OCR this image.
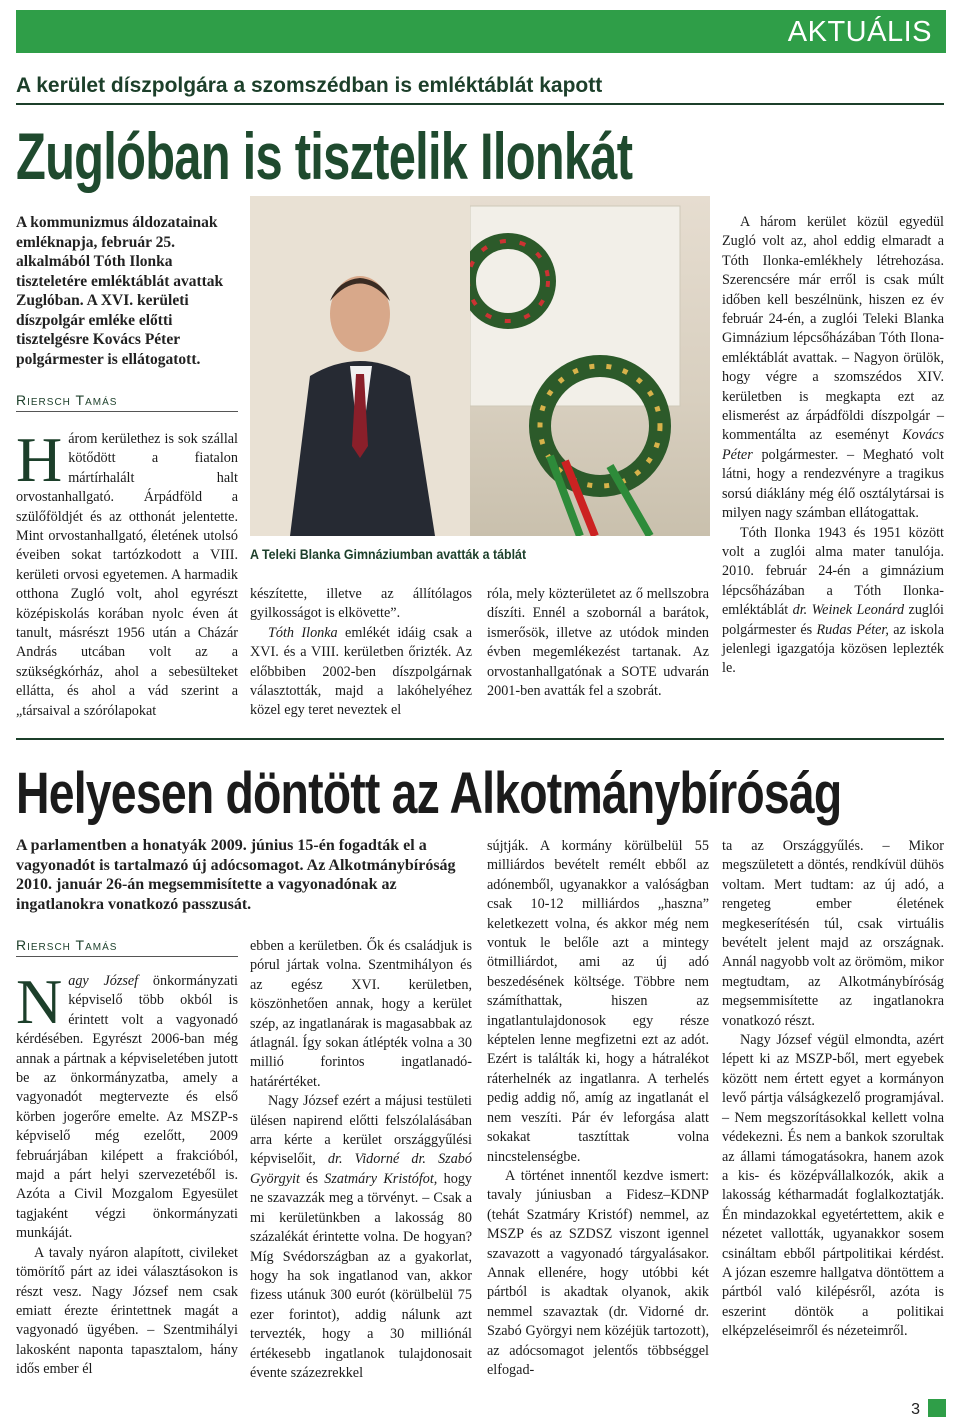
AKTUÁLIS
A kerület díszpolgára a szomszédban is emléktáblát kapott
Zuglóban is tisztelik Ilonkát
A kommunizmus áldozatainak emléknapja, február 25. alkalmából Tóth Ilonka tiszteletére emléktáblát avattak Zuglóban. A XVI. kerületi díszpolgár emléke előtti tisztelgésre Kovács Péter polgármester is ellátogatott.
Riersch Tamás

Három kerülethez is sok szállal kötődött a fiatalon mártírhalált halt orvostanhallgató. Árpádföld a szülőföldjét és az otthonát jelentette. Mint orvostanhallgató, életének utolsó éveiben sokat tartózkodott a VIII. kerületi orvosi egyetemen. A harmadik otthona Zugló volt, ahol egyrészt középiskolás korában nyolc éven át tanult, másrészt 1956 után a Cházár András utcában volt az a szükségkórház, ahol a sebesülteket ellátta, és ahol a vád szerint a „társaival a szórólapokat

A Teleki Blanka Gimnáziumban avatták a táblát

készítette, illetve az állítólagos gyilkosságot is elkövette”.

Tóth Ilonka emlékét idáig csak a XVI. és a VIII. kerületben őrizték. Az előbbiben 2002-ben díszpolgárnak választották, majd a lakóhelyéhez közel egy teret neveztek el

róla, mely közterületet az ő mellszobra díszíti. Ennél a szobornál a barátok, ismerősök, illetve az utódok minden évben megemlékezést tartanak. Az orvostanhallgatónak a SOTE udvarán 2001-ben avatták fel a szobrát.

A három kerület közül egyedül Zugló volt az, ahol eddig elmaradt a Tóth Ilonka-emlékhely létrehozása. Szerencsére már erről is csak múlt időben kell beszélnünk, hiszen ez év február 24-én, a zuglói Teleki Blanka Gimnázium lépcsőházában Tóth Ilona-emléktáblát avattak. – Nagyon örülök, hogy végre a szomszédos XIV. kerületben is megkapta ezt az elismerést az árpádföldi díszpolgár – kommentálta az eseményt Kovács Péter polgármester. – Megható volt látni, hogy a rendezvényre a tragikus sorsú diáklány még élő osztálytársai is milyen nagy számban ellátogattak.

Tóth Ilonka 1943 és 1951 között volt a zuglói alma mater tanulója. 2010. február 24-én a gimnázium lépcsőházában a Tóth Ilonka-emléktáblát dr. Weinek Leonárd zuglói polgármester és Rudas Péter, az iskola jelenlegi igazgatója közösen leplezték le.

Helyesen döntött az Alkotmánybíróság
A parlamentben a honatyák 2009. június 15-én fogadták el a vagyonadót is tartalmazó új adócsomagot. Az Alkotmánybíróság 2010. január 26-án megsemmisítette a vagyonadónak az ingatlanokra vonatkozó passzusát.
Riersch Tamás

Nagy József önkormányzati képviselő több okból is érintett volt a vagyonadó kérdésében. Egyrészt 2006-ban még annak a pártnak a képviseletében jutott be az önkormányzatba, amely a vagyonadót megtervezte és első körben jogerőre emelte. Az MSZP-s képviselő még ezelőtt, 2009 februárjában kilépett a frakcióból, majd a párt helyi szervezetéből is. Azóta a Civil Mozgalom Egyesület tagjaként végzi önkormányzati munkáját.

A tavaly nyáron alapított, civileket tömörítő párt az idei választásokon is részt vesz. Nagy József nem csak emiatt érezte érintettnek magát a vagyonadó ügyében. – Szentmihályi lakosként naponta tapasztalom, hány idős ember él

ebben a kerületben. Ők és családjuk is pórul jártak volna. Szentmihályon és az egész XVI. kerületben, köszönhetően annak, hogy a kerület szép, az ingatlanárak is magasabbak az átlagnál. Így sokan átlépték volna a 30 millió forintos ingatlanadó-határértéket.

Nagy József ezért a májusi testületi ülésen napirend előtti felszólalásában arra kérte a kerület országgyűlési képviselőit, dr. Vidorné dr. Szabó Györgyit és Szatmáry Kristófot, hogy ne szavazzák meg a törvényt. – Csak a mi kerületünkben a lakosság 80 százalékát érintette volna. De hogyan? Míg Svédországban az a gyakorlat, hogy ha sok ingatlanod van, akkor fizess utánuk 300 eurót (körülbelül 75 ezer forintot), addig nálunk azt tervezték, hogy a 30 milliónál értékesebb ingatlanok tulajdonosait évente százezrekkel

sújtják. A kormány körülbelül 55 milliárdos bevételt remélt ebből az adónemből, ugyanakkor a valóságban csak 10-12 milliárdos „haszna” keletkezett volna, és akkor még nem vontuk le belőle azt a mintegy ötmilliárdot, ami az új adó beszedésének költsége. Többre nem számíthattak, hiszen az ingatlantulajdonosok egy része képtelen lenne megfizetni ezt az adót. Ezért is találták ki, hogy a hátralékot ráterhelnék az ingatlanra. A terhelés pedig addig nő, amíg az ingatlanát el nem veszíti. Pár év leforgása alatt sokakat tasztíttak volna nincstelenségbe.

A történet innentől kezdve ismert: tavaly júniusban a Fidesz–KDNP (tehát Szatmáry Kristóf) nemmel, az MSZP és az SZDSZ viszont igennel szavazott a vagyonadó tárgyalásakor. Annak ellenére, hogy utóbbi két pártból is akadtak olyanok, akik nemmel szavaztak (dr. Vidorné dr. Szabó Györgyi nem közéjük tartozott), az adócsomagot jelentős többséggel elfogad-

ta az Országgyűlés. – Mikor megszületett a döntés, rendkívül dühös voltam. Mert tudtam: az új adó, a rengeteg ember életének megkeserítésén túl, csak virtuális bevételt jelent majd az országnak. Annál nagyobb volt az örömöm, mikor megtudtam, az Alkotmánybíróság megsemmisítette az ingatlanokra vonatkozó részt.

Nagy József végül elmondta, azért lépett ki az MSZP-ből, mert egyebek között nem értett egyet a kormányon levő pártja válságkezelő programjával. – Nem megszorításokkal kellett volna védekezni. És nem a bankok szorultak az állami támogatásokra, hanem azok a kis- és középvállalkozók, akik a lakosság kétharmadát foglalkoztatják. Én mindazokkal egyetértettem, akik e nézetet vallották, ugyanakkor sosem csináltam ebből pártpolitikai kérdést. A józan eszemre hallgatva döntöttem a pártból való kilépésről, azóta is eszerint döntök a politikai elképzeléseimről és nézeteimről.

3
